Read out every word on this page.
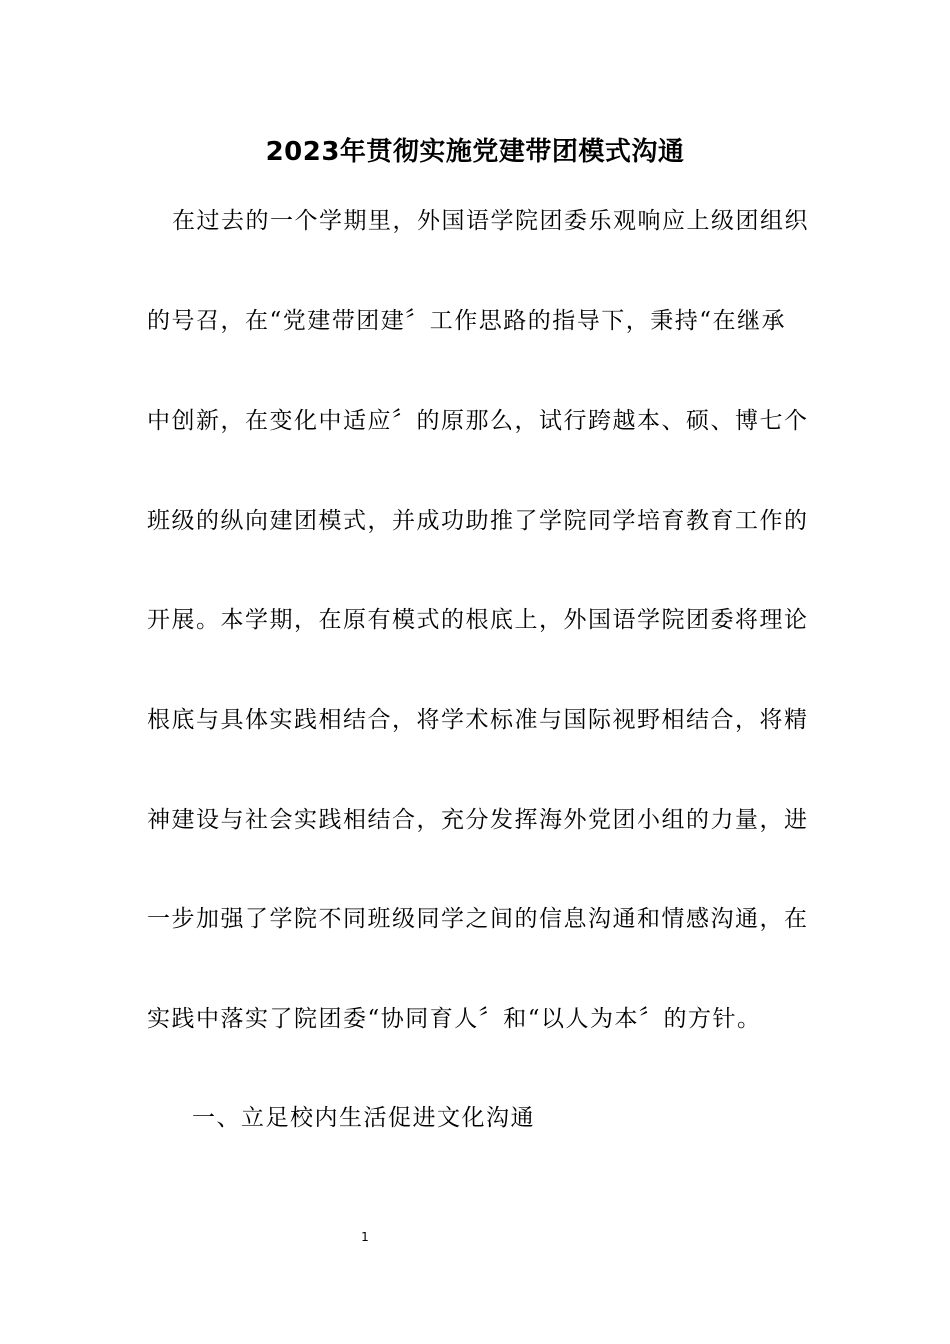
2023年贯彻实施党建带团模式沟通
在过去的一个学期里，外国语学院团委乐观响应上级团组织
的号召，在“党建带团建〞工作思路的指导下，秉持“在继承
中创新，在变化中适应〞的原那么，试行跨越本、硕、博七个
班级的纵向建团模式，并成功助推了学院同学培育教育工作的
开展。本学期，在原有模式的根底上，外国语学院团委将理论
根底与具体实践相结合，将学术标准与国际视野相结合，将精
神建设与社会实践相结合，充分发挥海外党团小组的力量，进
一步加强了学院不同班级同学之间的信息沟通和情感沟通，在
实践中落实了院团委“协同育人〞和“以人为本〞的方针。
一、立足校内生活促进文化沟通
1
